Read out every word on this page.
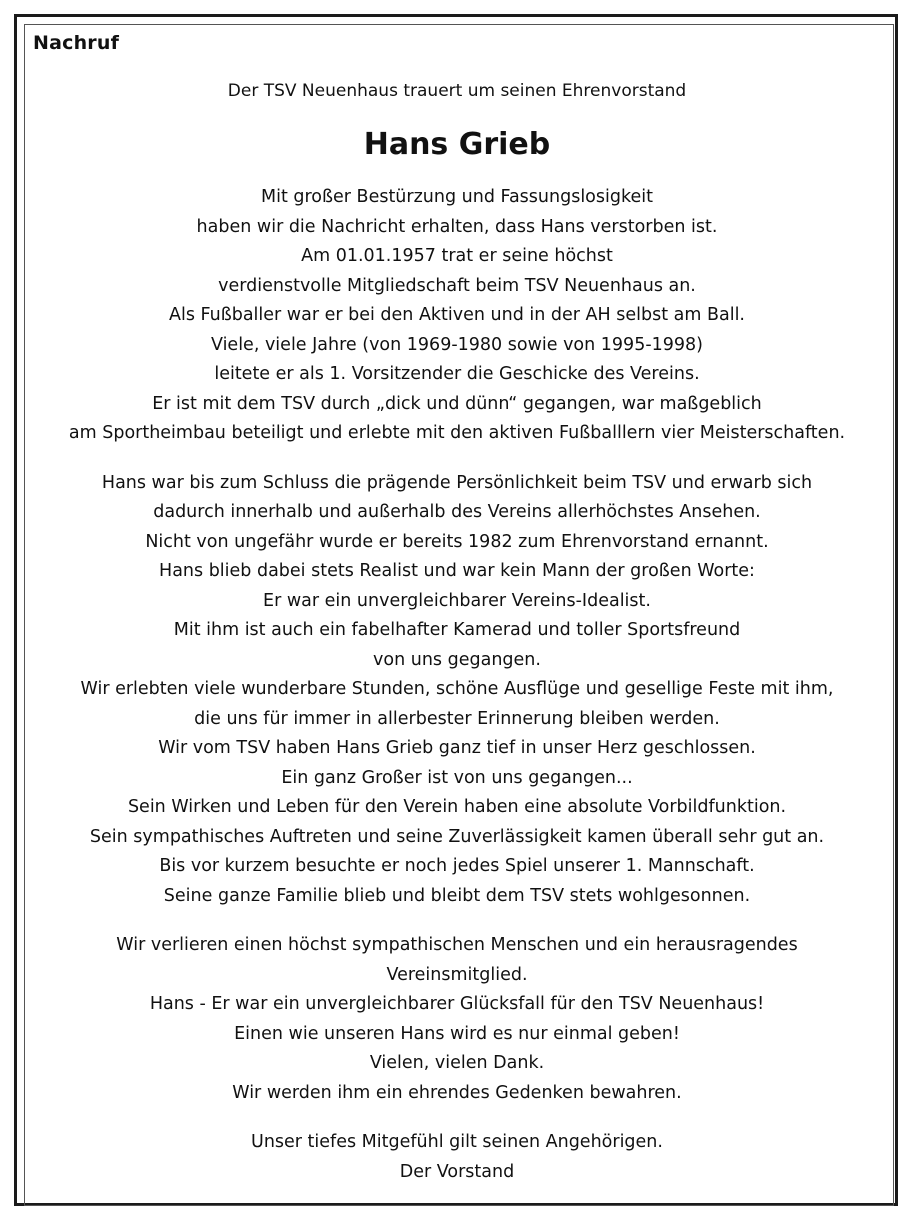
Nachruf

Der TSV Neuenhaus trauert um seinen Ehrenvorstand

Hans Grieb

Mit großer Bestürzung und Fassungslosigkeit
haben wir die Nachricht erhalten, dass Hans verstorben ist.
Am 01.01.1957 trat er seine höchst
verdienstvolle Mitgliedschaft beim TSV Neuenhaus an.
Als Fußballer war er bei den Aktiven und in der AH selbst am Ball.
Viele, viele Jahre (von 1969-1980 sowie von 1995-1998)
leitete er als 1. Vorsitzender die Geschicke des Vereins.
Er ist mit dem TSV durch „dick und dünn“ gegangen, war maßgeblich
am Sportheimbau beteiligt und erlebte mit den aktiven Fußballlern vier Meisterschaften.

Hans war bis zum Schluss die prägende Persönlichkeit beim TSV und erwarb sich
dadurch innerhalb und außerhalb des Vereins allerhöchstes Ansehen.
Nicht von ungefähr wurde er bereits 1982 zum Ehrenvorstand ernannt.
Hans blieb dabei stets Realist und war kein Mann der großen Worte:
Er war ein unvergleichbarer Vereins-Idealist.
Mit ihm ist auch ein fabelhafter Kamerad und toller Sportsfreund
von uns gegangen.
Wir erlebten viele wunderbare Stunden, schöne Ausflüge und gesellige Feste mit ihm,
die uns für immer in allerbester Erinnerung bleiben werden.
Wir vom TSV haben Hans Grieb ganz tief in unser Herz geschlossen.
Ein ganz Großer ist von uns gegangen...
Sein Wirken und Leben für den Verein haben eine absolute Vorbildfunktion.
Sein sympathisches Auftreten und seine Zuverlässigkeit kamen überall sehr gut an.
Bis vor kurzem besuchte er noch jedes Spiel unserer 1. Mannschaft.
Seine ganze Familie blieb und bleibt dem TSV stets wohlgesonnen.

Wir verlieren einen höchst sympathischen Menschen und ein herausragendes
Vereinsmitglied.
Hans - Er war ein unvergleichbarer Glücksfall für den TSV Neuenhaus!
Einen wie unseren Hans wird es nur einmal geben!
Vielen, vielen Dank.
Wir werden ihm ein ehrendes Gedenken bewahren.

Unser tiefes Mitgefühl gilt seinen Angehörigen.
Der Vorstand
